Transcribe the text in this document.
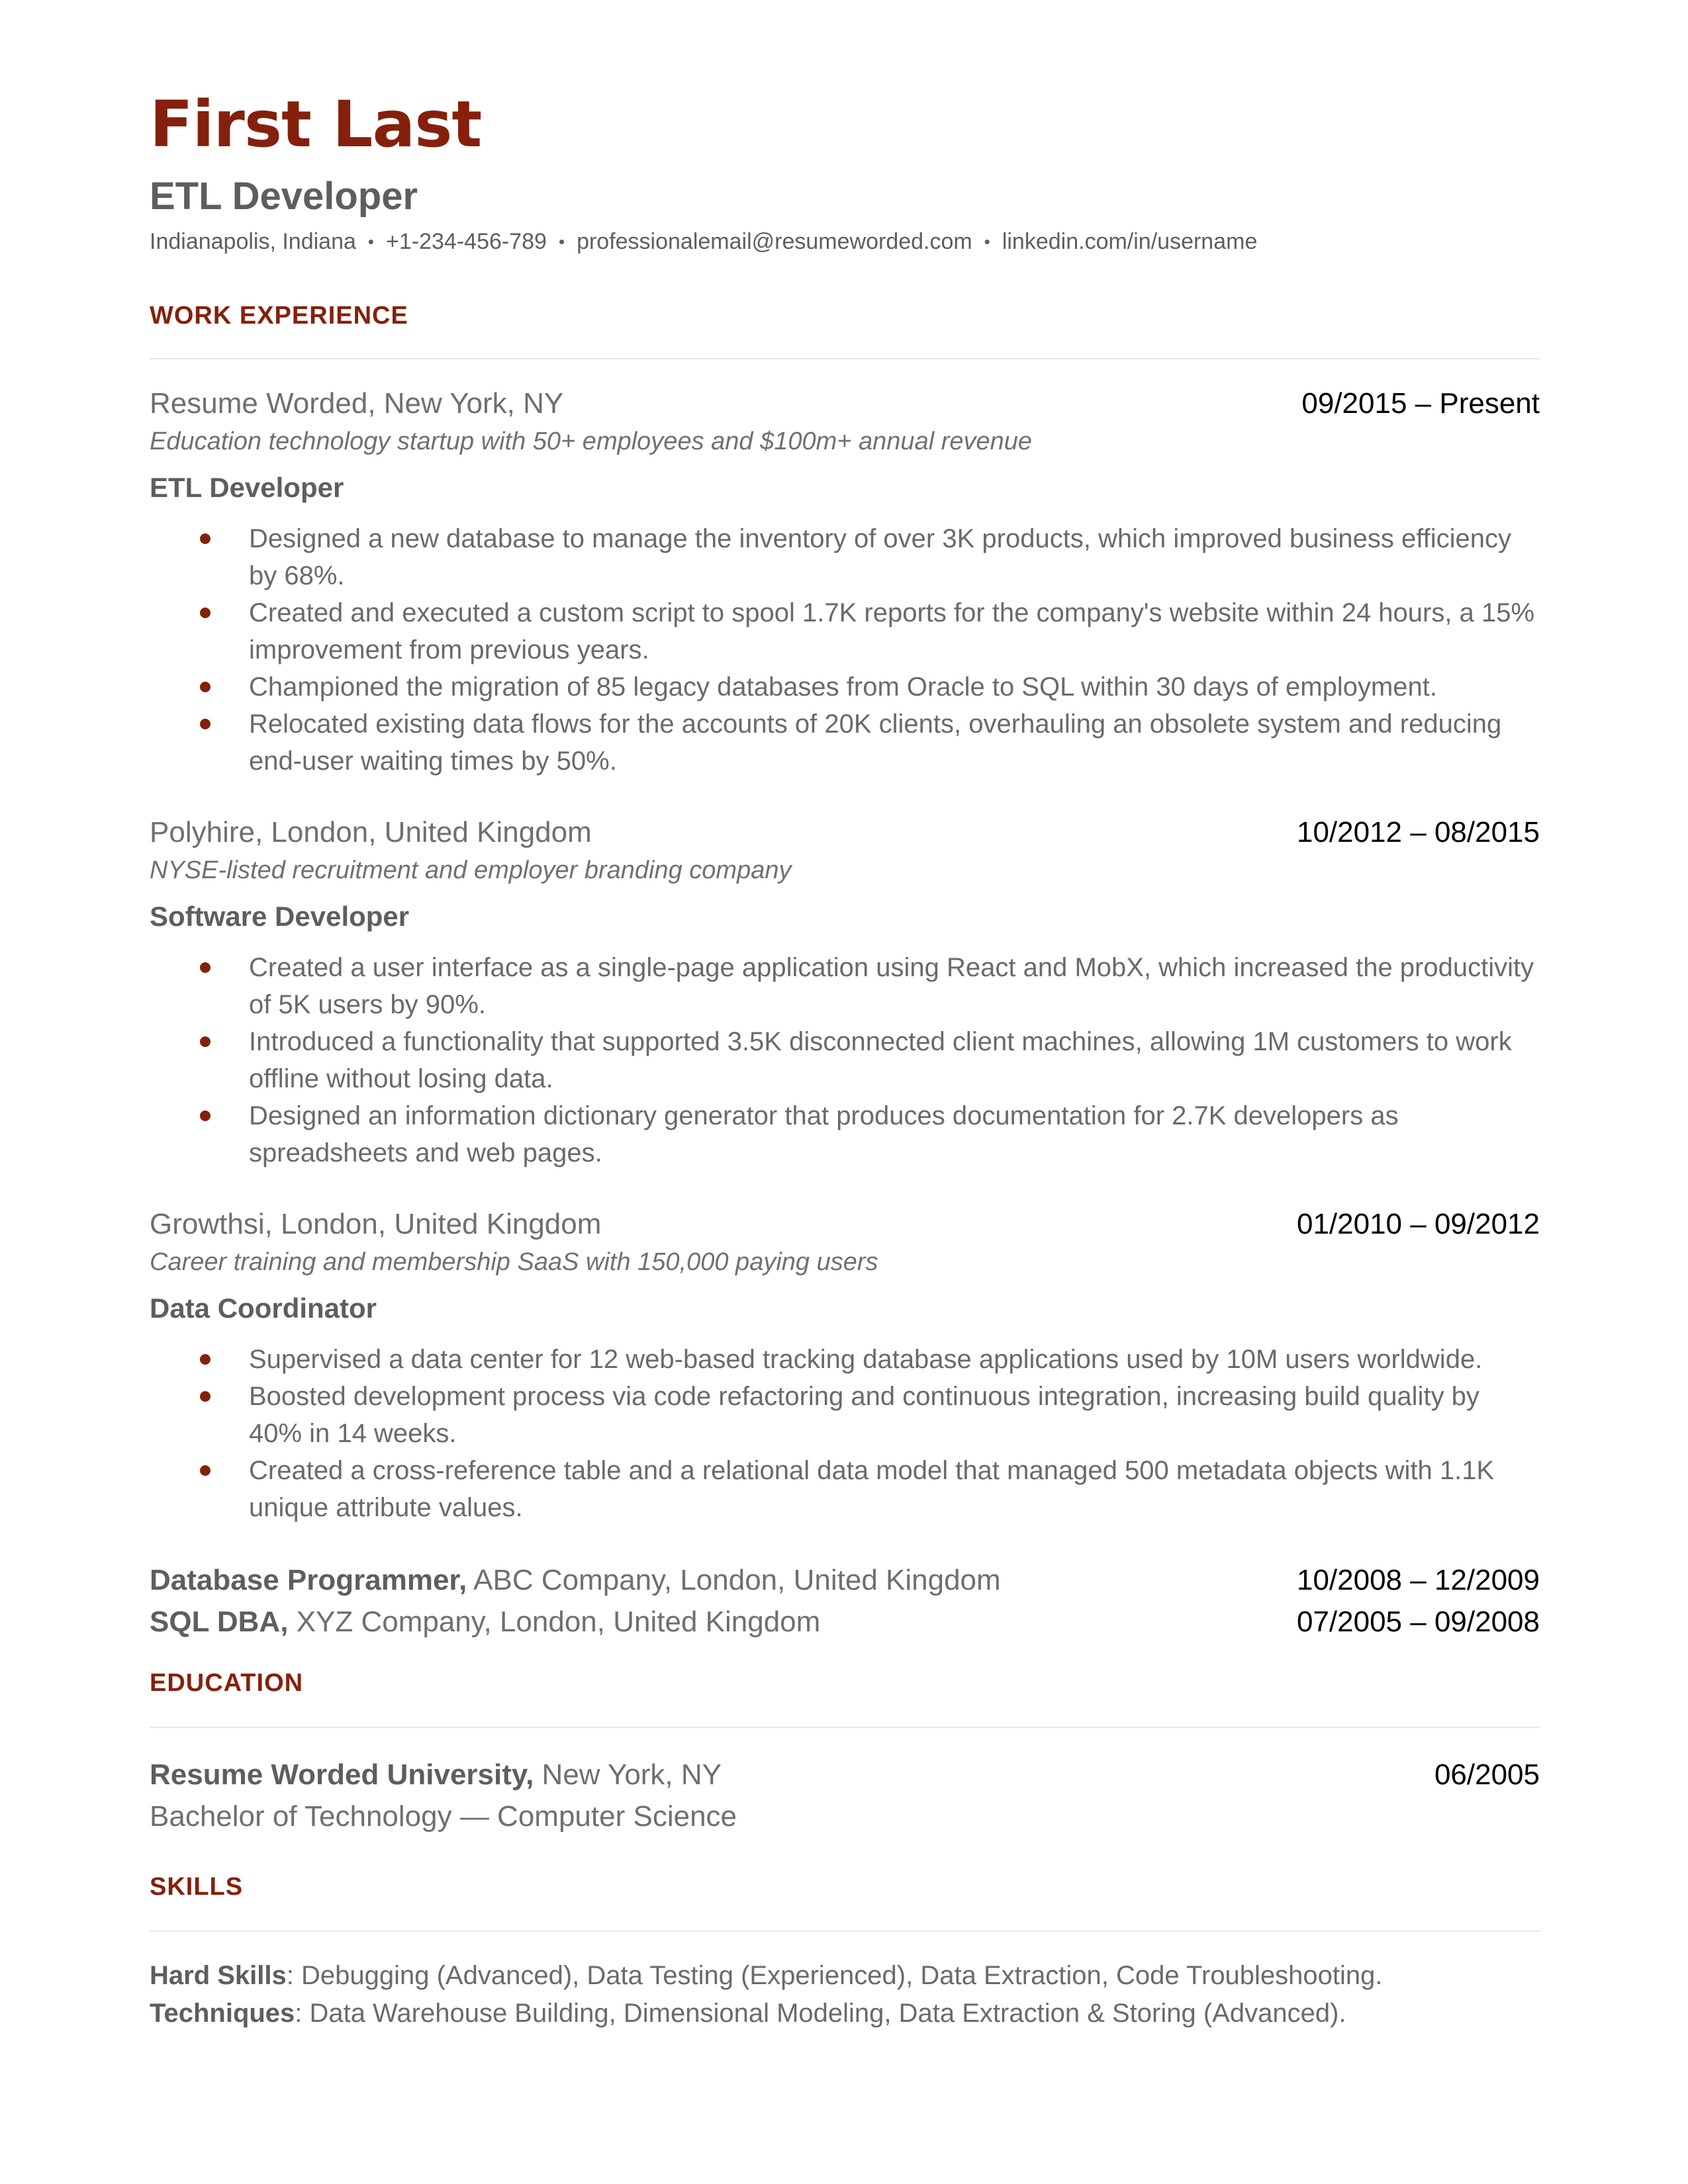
First Last
ETL Developer
Indianapolis, Indiana • +1-234-456-789 • professionalemail@resumeworded.com • linkedin.com/in/username
WORK EXPERIENCE
Resume Worded, New York, NY	09/2015 – Present
Education technology startup with 50+ employees and $100m+ annual revenue
ETL Developer
Designed a new database to manage the inventory of over 3K products, which improved business efficiency by 68%.
Created and executed a custom script to spool 1.7K reports for the company's website within 24 hours, a 15% improvement from previous years.
Championed the migration of 85 legacy databases from Oracle to SQL within 30 days of employment.
Relocated existing data flows for the accounts of 20K clients, overhauling an obsolete system and reducing end-user waiting times by 50%.
Polyhire, London, United Kingdom	10/2012 – 08/2015
NYSE-listed recruitment and employer branding company
Software Developer
Created a user interface as a single-page application using React and MobX, which increased the productivity of 5K users by 90%.
Introduced a functionality that supported 3.5K disconnected client machines, allowing 1M customers to work offline without losing data.
Designed an information dictionary generator that produces documentation for 2.7K developers as spreadsheets and web pages.
Growthsi, London, United Kingdom	01/2010 – 09/2012
Career training and membership SaaS with 150,000 paying users
Data Coordinator
Supervised a data center for 12 web-based tracking database applications used by 10M users worldwide.
Boosted development process via code refactoring and continuous integration, increasing build quality by 40% in 14 weeks.
Created a cross-reference table and a relational data model that managed 500 metadata objects with 1.1K unique attribute values.
Database Programmer, ABC Company, London, United Kingdom	10/2008 – 12/2009
SQL DBA, XYZ Company, London, United Kingdom	07/2005 – 09/2008
EDUCATION
Resume Worded University, New York, NY	06/2005
Bachelor of Technology — Computer Science
SKILLS
Hard Skills: Debugging (Advanced), Data Testing (Experienced), Data Extraction, Code Troubleshooting.
Techniques: Data Warehouse Building, Dimensional Modeling, Data Extraction & Storing (Advanced).
